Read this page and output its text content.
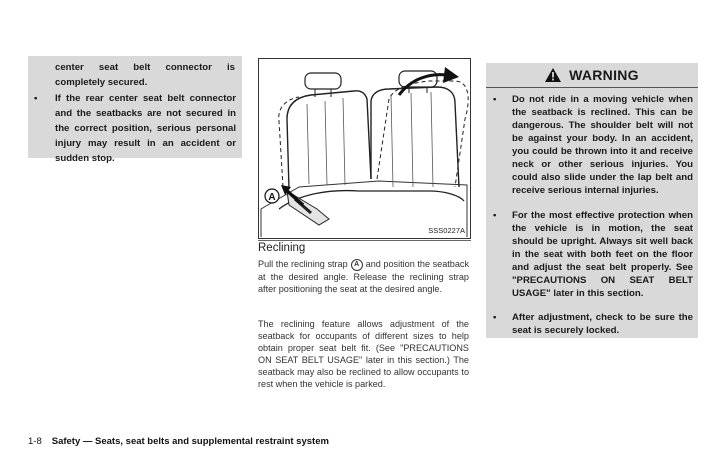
center seat belt connector is completely secured.
• If the rear center seat belt connector and the seatbacks are not secured in the correct position, serious personal injury may result in an accident or sudden stop.
A
SSS0227A
Reclining
Pull the reclining strap A and position the seatback at the desired angle. Release the reclining strap after positioning the seat at the desired angle.
The reclining feature allows adjustment of the seatback for occupants of different sizes to help obtain proper seat belt fit. (See "PRECAUTIONS ON SEAT BELT USAGE" later in this section.) The seatback may also be reclined to allow occupants to rest when the vehicle is parked.
WARNING
• Do not ride in a moving vehicle when the seatback is reclined. This can be dangerous. The shoulder belt will not be against your body. In an accident, you could be thrown into it and receive neck or other serious injuries. You could also slide under the lap belt and receive serious internal injuries.
• For the most effective protection when the vehicle is in motion, the seat should be upright. Always sit well back in the seat with both feet on the floor and adjust the seat belt properly. See "PRECAUTIONS ON SEAT BELT USAGE" later in this section.
• After adjustment, check to be sure the seat is securely locked.
1-8 Safety — Seats, seat belts and supplemental restraint system
